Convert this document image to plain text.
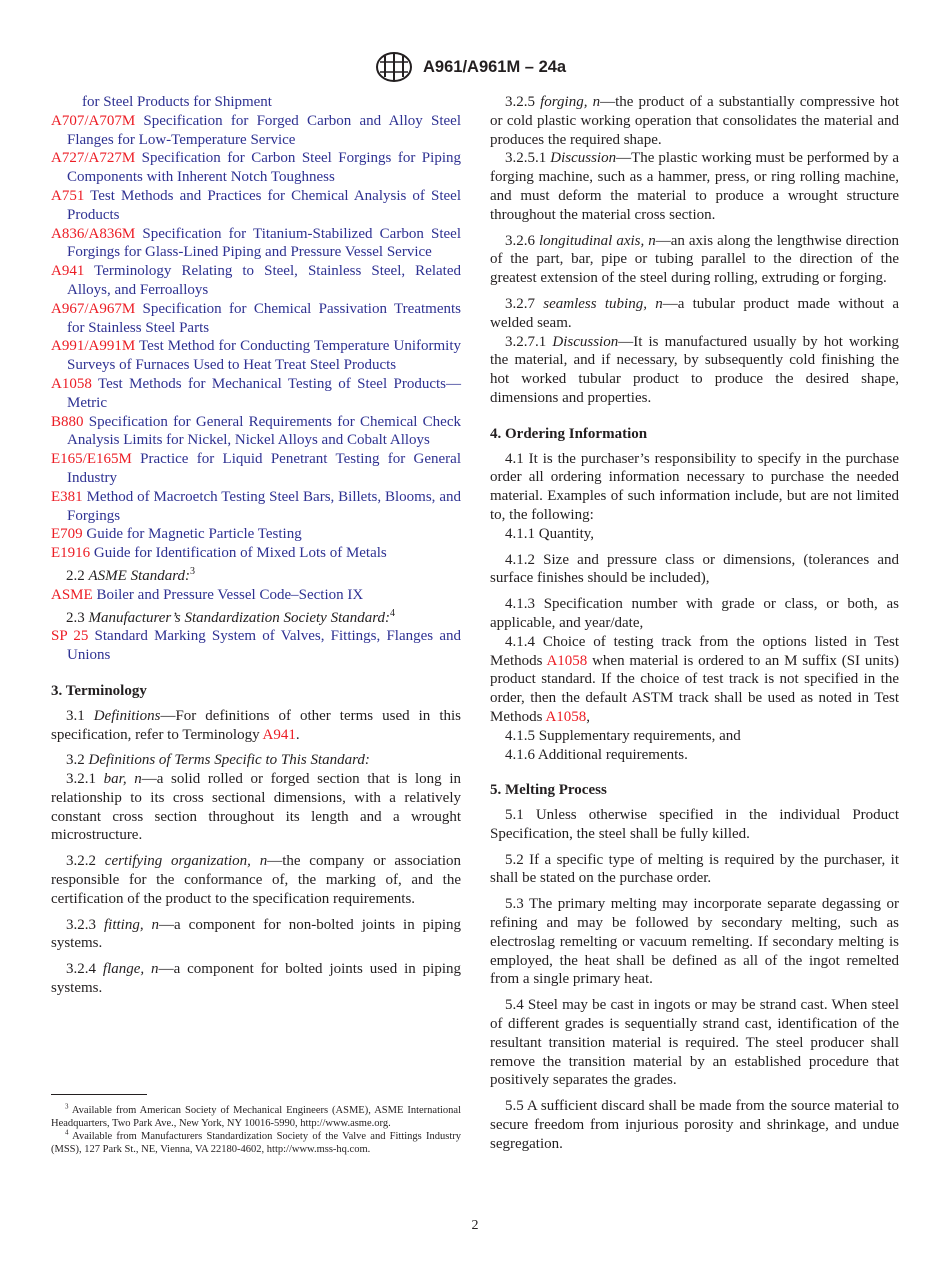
A961/A961M – 24a
for Steel Products for Shipment
A707/A707M Specification for Forged Carbon and Alloy Steel Flanges for Low-Temperature Service
A727/A727M Specification for Carbon Steel Forgings for Piping Components with Inherent Notch Toughness
A751 Test Methods and Practices for Chemical Analysis of Steel Products
A836/A836M Specification for Titanium-Stabilized Carbon Steel Forgings for Glass-Lined Piping and Pressure Vessel Service
A941 Terminology Relating to Steel, Stainless Steel, Related Alloys, and Ferroalloys
A967/A967M Specification for Chemical Passivation Treatments for Stainless Steel Parts
A991/A991M Test Method for Conducting Temperature Uniformity Surveys of Furnaces Used to Heat Treat Steel Products
A1058 Test Methods for Mechanical Testing of Steel Products—Metric
B880 Specification for General Requirements for Chemical Check Analysis Limits for Nickel, Nickel Alloys and Cobalt Alloys
E165/E165M Practice for Liquid Penetrant Testing for General Industry
E381 Method of Macroetch Testing Steel Bars, Billets, Blooms, and Forgings
E709 Guide for Magnetic Particle Testing
E1916 Guide for Identification of Mixed Lots of Metals
2.2 ASME Standard:$^3$
ASME Boiler and Pressure Vessel Code–Section IX
2.3 Manufacturer’s Standardization Society Standard:$^4$
SP 25 Standard Marking System of Valves, Fittings, Flanges and Unions
3. Terminology
3.1 Definitions—For definitions of other terms used in this specification, refer to Terminology A941.
3.2 Definitions of Terms Specific to This Standard:
3.2.1 bar, n—a solid rolled or forged section that is long in relationship to its cross sectional dimensions, with a relatively constant cross section throughout its length and a wrought microstructure.
3.2.2 certifying organization, n—the company or association responsible for the conformance of, the marking of, and the certification of the product to the specification requirements.
3.2.3 fitting, n—a component for non-bolted joints in piping systems.
3.2.4 flange, n—a component for bolted joints used in piping systems.
3.2.5 forging, n—the product of a substantially compressive hot or cold plastic working operation that consolidates the material and produces the required shape.
3.2.5.1 Discussion—The plastic working must be performed by a forging machine, such as a hammer, press, or ring rolling machine, and must deform the material to produce a wrought structure throughout the material cross section.
3.2.6 longitudinal axis, n—an axis along the lengthwise direction of the part, bar, pipe or tubing parallel to the direction of the greatest extension of the steel during rolling, extruding or forging.
3.2.7 seamless tubing, n—a tubular product made without a welded seam.
3.2.7.1 Discussion—It is manufactured usually by hot working the material, and if necessary, by subsequently cold finishing the hot worked tubular product to produce the desired shape, dimensions and properties.
4. Ordering Information
4.1 It is the purchaser’s responsibility to specify in the purchase order all ordering information necessary to purchase the needed material. Examples of such information include, but are not limited to, the following:
4.1.1 Quantity,
4.1.2 Size and pressure class or dimensions, (tolerances and surface finishes should be included),
4.1.3 Specification number with grade or class, or both, as applicable, and year/date,
4.1.4 Choice of testing track from the options listed in Test Methods A1058 when material is ordered to an M suffix (SI units) product standard. If the choice of test track is not specified in the order, then the default ASTM track shall be used as noted in Test Methods A1058,
4.1.5 Supplementary requirements, and
4.1.6 Additional requirements.
5. Melting Process
5.1 Unless otherwise specified in the individual Product Specification, the steel shall be fully killed.
5.2 If a specific type of melting is required by the purchaser, it shall be stated on the purchase order.
5.3 The primary melting may incorporate separate degassing or refining and may be followed by secondary melting, such as electroslag remelting or vacuum remelting. If secondary melting is employed, the heat shall be defined as all of the ingot remelted from a single primary heat.
5.4 Steel may be cast in ingots or may be strand cast. When steel of different grades is sequentially strand cast, identification of the resultant transition material is required. The steel producer shall remove the transition material by an established procedure that positively separates the grades.
5.5 A sufficient discard shall be made from the source material to secure freedom from injurious porosity and shrinkage, and undue segregation.
$^3$ Available from American Society of Mechanical Engineers (ASME), ASME International Headquarters, Two Park Ave., New York, NY 10016-5990, http://www.asme.org.
$^4$ Available from Manufacturers Standardization Society of the Valve and Fittings Industry (MSS), 127 Park St., NE, Vienna, VA 22180-4602, http://www.mss-hq.com.
2
